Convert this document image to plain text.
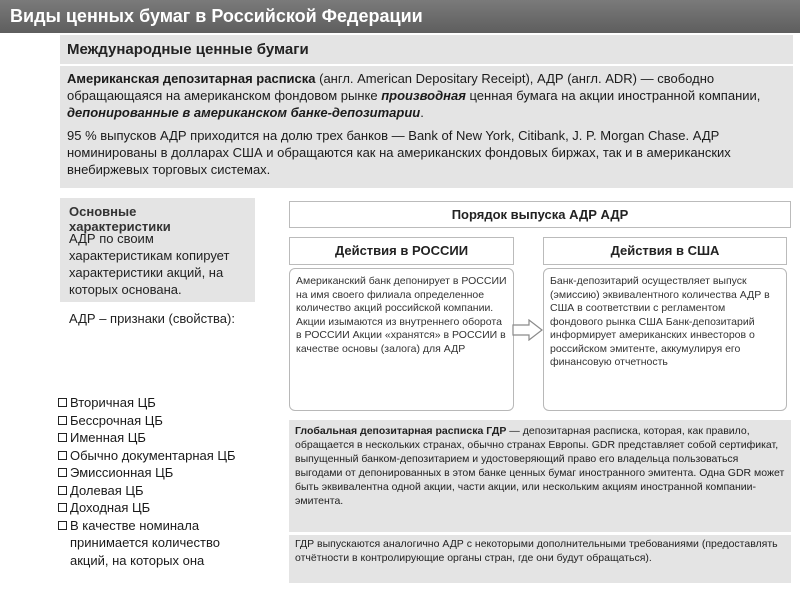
Виды ценных бумаг в Российской Федерации
Международные ценные бумаги

Американская депозитарная расписка (англ. American Depositary Receipt), АДР (англ. ADR) — свободно обращающаяся на американском фондовом рынке производная ценная бумага на акции иностранной компании, депонированные в американском банке-депозитарии.

95 % выпусков АДР приходится на долю трех банков — Bank of New York, Citibank, J. P. Morgan Chase. АДР номинированы в долларах США и обращаются как на американских фондовых биржах, так и в американских внебиржевых торговых системах.

Основные
характеристики

АДР по своим характеристикам копирует характеристики акций, на которых основана.

АДР – признаки (свойства):

Вторичная ЦБ
Бессрочная ЦБ
Именная ЦБ
Обычно документарная ЦБ
Эмиссионная ЦБ
Долевая ЦБ
Доходная ЦБ
В качестве номинала принимается количество акций, на которых она
Порядок выпуска АДР АДР
Действия в РОССИИ	Действия в США

Американский банк депонирует в РОССИИ на имя своего филиала определенное количество акций российской компании. Акции изымаются из внутреннего оборота в РОССИИ Акции «хранятся» в РОССИИ в качестве основы (залога) для АДР

Банк-депозитарий осуществляет выпуск (эмиссию) эквивалентного количества АДР в США в соответствии с регламентом фондового рынка США Банк-депозитарий информирует американских инвесторов о российском эмитенте, аккумулируя его финансовую отчетность

Глобальная депозитарная расписка ГДР — депозитарная расписка, которая, как правило, обращается в нескольких странах, обычно странах Европы. GDR представляет собой сертификат, выпущенный банком-депозитарием и удостоверяющий право его владельца пользоваться выгодами от депонированных в этом банке ценных бумаг иностранного эмитента. Одна GDR может быть эквивалентна одной акции, части акции, или нескольким акциям иностранной компании-эмитента.
ГДР выпускаются аналогично АДР с некоторыми дополнительными требованиями (предоставлять отчётности в контролирующие органы стран, где они будут обращаться).
